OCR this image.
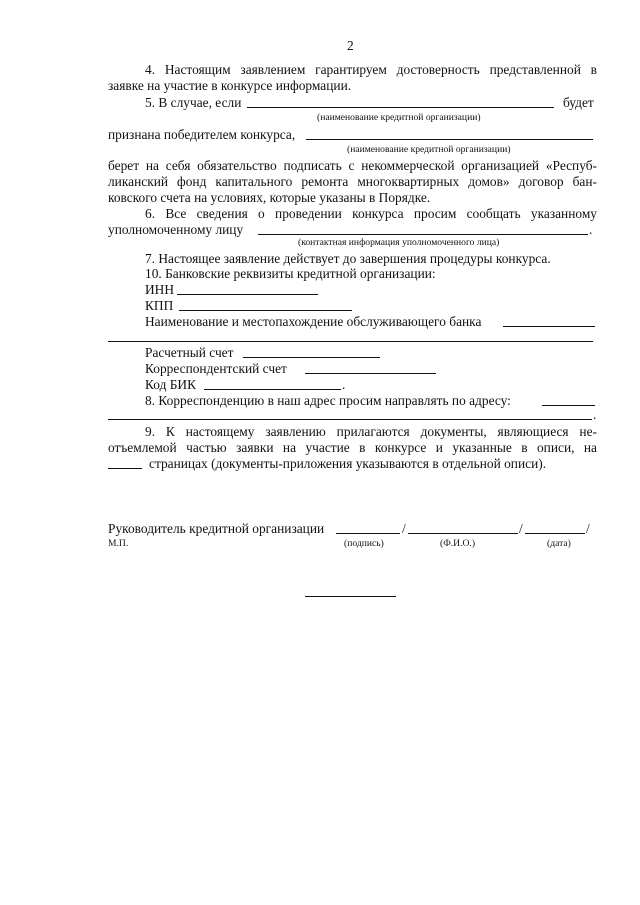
2
4. Настоящим заявлением гарантируем достоверность представленной в
заявке на участие в конкурсе информации.
5. В случае, если	будет
(наименование кредитной организации)
признана победителем конкурса,
(наименование кредитной организации)
берет на себя обязательство подписать с некоммерческой организацией «Респуб-
ликанский фонд капитального ремонта многоквартирных домов» договор бан-
ковского счета на условиях, которые указаны в Порядке.
6. Все сведения о проведении конкурса просим сообщать указанному
уполномоченному лицу	.
(контактная информация уполномоченного лица)
7. Настоящее заявление действует до завершения процедуры конкурса.
10. Банковские реквизиты кредитной организации:
ИНН
КПП
Наименование и местопахождение обслуживающего банка
Расчетный счет
Корреспондентский счет
Код БИК	.
8. Корреспонденцию в наш адрес просим направлять по адресу:
.
9. К настоящему заявлению прилагаются документы, являющиеся не-
отъемлемой частью заявки на участие в конкурсе и указанные в описи, на
страницах (документы-приложения указываются в отдельной описи).
Руководитель кредитной организации	/	/	/
М.П.	(подпись)	(Ф.И.О.)	(дата)
